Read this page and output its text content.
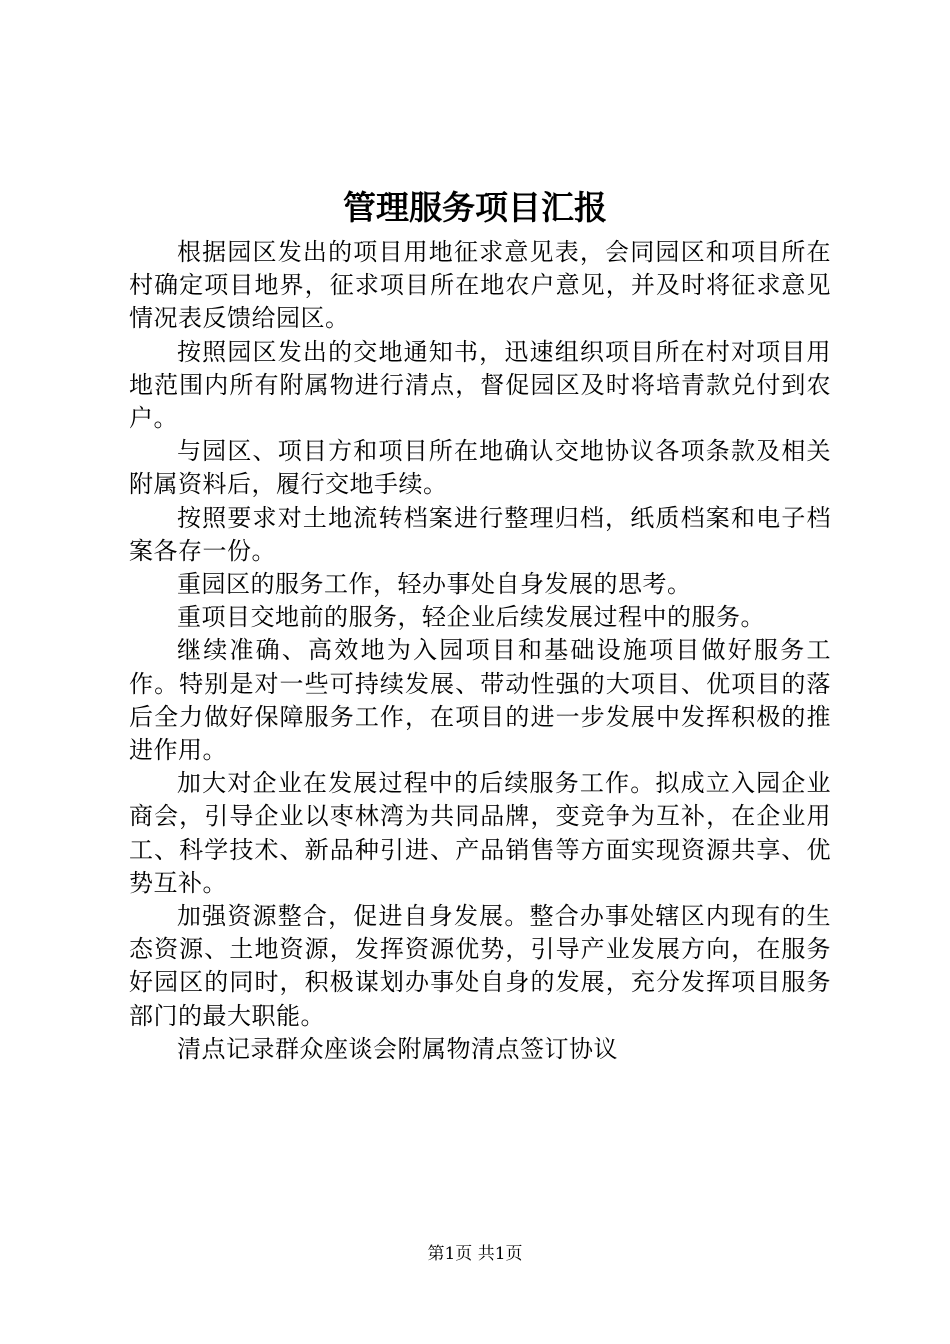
管理服务项目汇报

根据园区发出的项目用地征求意见表，会同园区和项目所在村确定项目地界，征求项目所在地农户意见，并及时将征求意见情况表反馈给园区。

按照园区发出的交地通知书，迅速组织项目所在村对项目用地范围内所有附属物进行清点，督促园区及时将培青款兑付到农户。

与园区、项目方和项目所在地确认交地协议各项条款及相关附属资料后，履行交地手续。

按照要求对土地流转档案进行整理归档，纸质档案和电子档案各存一份。

重园区的服务工作，轻办事处自身发展的思考。

重项目交地前的服务，轻企业后续发展过程中的服务。

继续准确、高效地为入园项目和基础设施项目做好服务工作。特别是对一些可持续发展、带动性强的大项目、优项目的落后全力做好保障服务工作，在项目的进一步发展中发挥积极的推进作用。

加大对企业在发展过程中的后续服务工作。拟成立入园企业商会，引导企业以枣林湾为共同品牌，变竞争为互补，在企业用工、科学技术、新品种引进、产品销售等方面实现资源共享、优势互补。

加强资源整合，促进自身发展。整合办事处辖区内现有的生态资源、土地资源，发挥资源优势，引导产业发展方向，在服务好园区的同时，积极谋划办事处自身的发展，充分发挥项目服务部门的最大职能。

清点记录群众座谈会附属物清点签订协议

第1页 共1页
